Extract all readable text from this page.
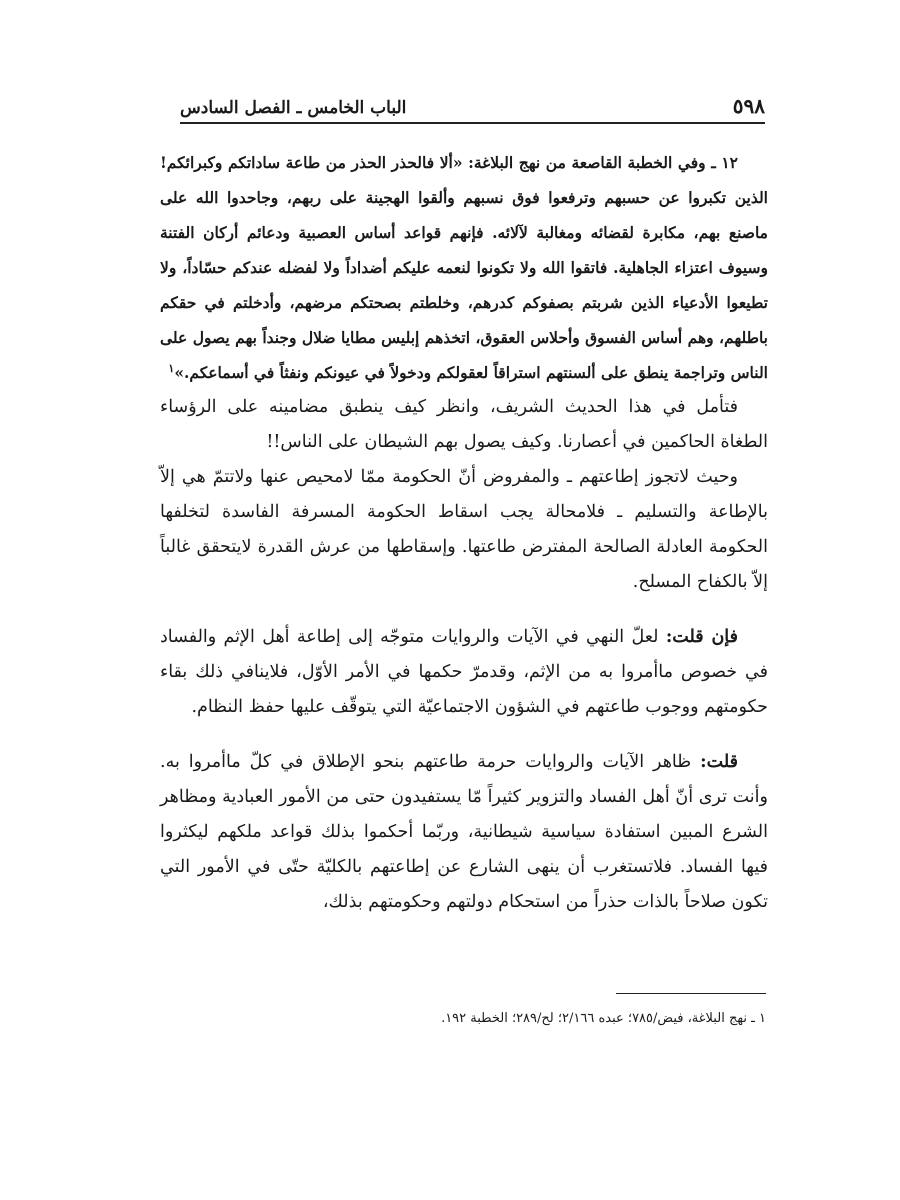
٥٩٨
الباب الخامس ـ الفصل السادس

١٢ ـ وفي الخطبة القاصعة من نهج البلاغة: «ألا فالحذر الحذر من طاعة ساداتكم وكبرائكم! الذين تكبروا عن حسبهم وترفعوا فوق نسبهم وألقوا الهجينة على ربهم، وجاحدوا الله على ماصنع بهم، مكابرة لقضائه ومغالبة لآلائه. فإنهم قواعد أساس العصبية ودعائم أركان الفتنة وسيوف اعتزاء الجاهلية. فاتقوا الله ولا تكونوا لنعمه عليكم أضداداً ولا لفضله عندكم حسّاداً، ولا تطيعوا الأدعياء الذين شربتم بصفوكم كدرهم، وخلطتم بصحتكم مرضهم، وأدخلتم في حقكم باطلهم، وهم أساس الفسوق وأحلاس العقوق، اتخذهم إبليس مطايا ضلال وجنداً بهم يصول على الناس وتراجمة ينطق على ألسنتهم استراقاً لعقولكم ودخولاً في عيونكم ونفثاً في أسماعكم.»$^١$

فتأمل في هذا الحديث الشريف، وانظر كيف ينطبق مضامينه على الرؤساء الطغاة الحاكمين في أعصارنا. وكيف يصول بهم الشيطان على الناس!!

وحيث لاتجوز إطاعتهم ـ والمفروض أنّ الحكومة ممّا لامحيص عنها ولاتتمّ هي إلاّ بالإطاعة والتسليم ـ فلامحالة يجب اسقاط الحكومة المسرفة الفاسدة لتخلفها الحكومة العادلة الصالحة المفترض طاعتها. وإسقاطها من عرش القدرة لايتحقق غالباً إلاّ بالكفاح المسلح.

فإن قلت: لعلّ النهي في الآيات والروايات متوجّه إلى إطاعة أهل الإثم والفساد في خصوص ماأمروا به من الإثم، وقدمرّ حكمها في الأمر الأوّل، فلاينافي ذلك بقاء حكومتهم ووجوب طاعتهم في الشؤون الاجتماعيّة التي يتوقّف عليها حفظ النظام.

قلت: ظاهر الآيات والروايات حرمة طاعتهم بنحو الإطلاق في كلّ ماأمروا به. وأنت ترى أنّ أهل الفساد والتزوير كثيراً مّا يستفيدون حتى من الأمور العبادية ومظاهر الشرع المبين استفادة سياسية شيطانية، وربّما أحكموا بذلك قواعد ملكهم ليكثروا فيها الفساد. فلاتستغرب أن ينهى الشارع عن إطاعتهم بالكليّة حتّى في الأمور التي تكون صلاحاً بالذات حذراً من استحكام دولتهم وحكومتهم بذلك،

١ ـ نهج البلاغة، فيض/٧٨٥؛ عبده ٢/١٦٦؛ لح/٢٨٩؛ الخطبة ١٩٢.
